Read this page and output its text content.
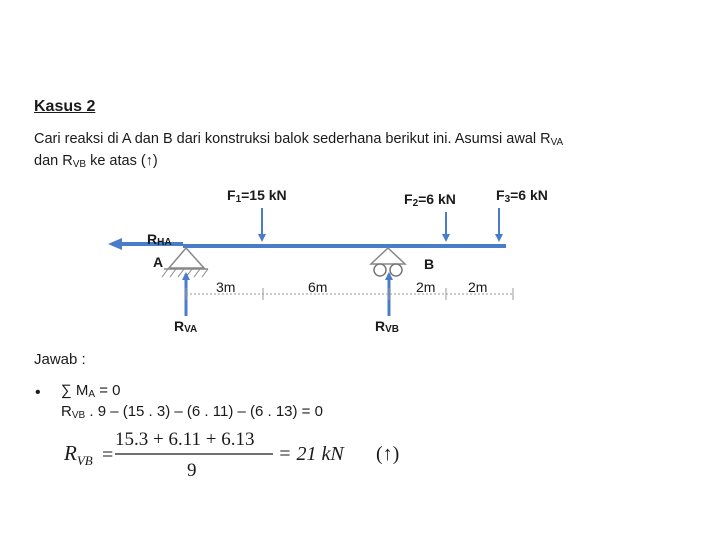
Kasus 2
Cari reaksi di A dan B dari konstruksi balok sederhana berikut ini. Asumsi awal $R_{VA}$
dan $R_{VB}$ ke atas (↑)
F1=15 kN	F2=6 kN	F3=6 kN
RHA
RVA	RVB
A	B
3m	6m	2m 2m
Jawab :
• ∑ $M_A = 0$
$R_{VB}$ . 9 – (15 . 3) – (6 . 11) – (6 . 13) = 0
$R_{VB}$ =
15.3 + 6.11 + 6.13
9
= 21 kN (↑)
